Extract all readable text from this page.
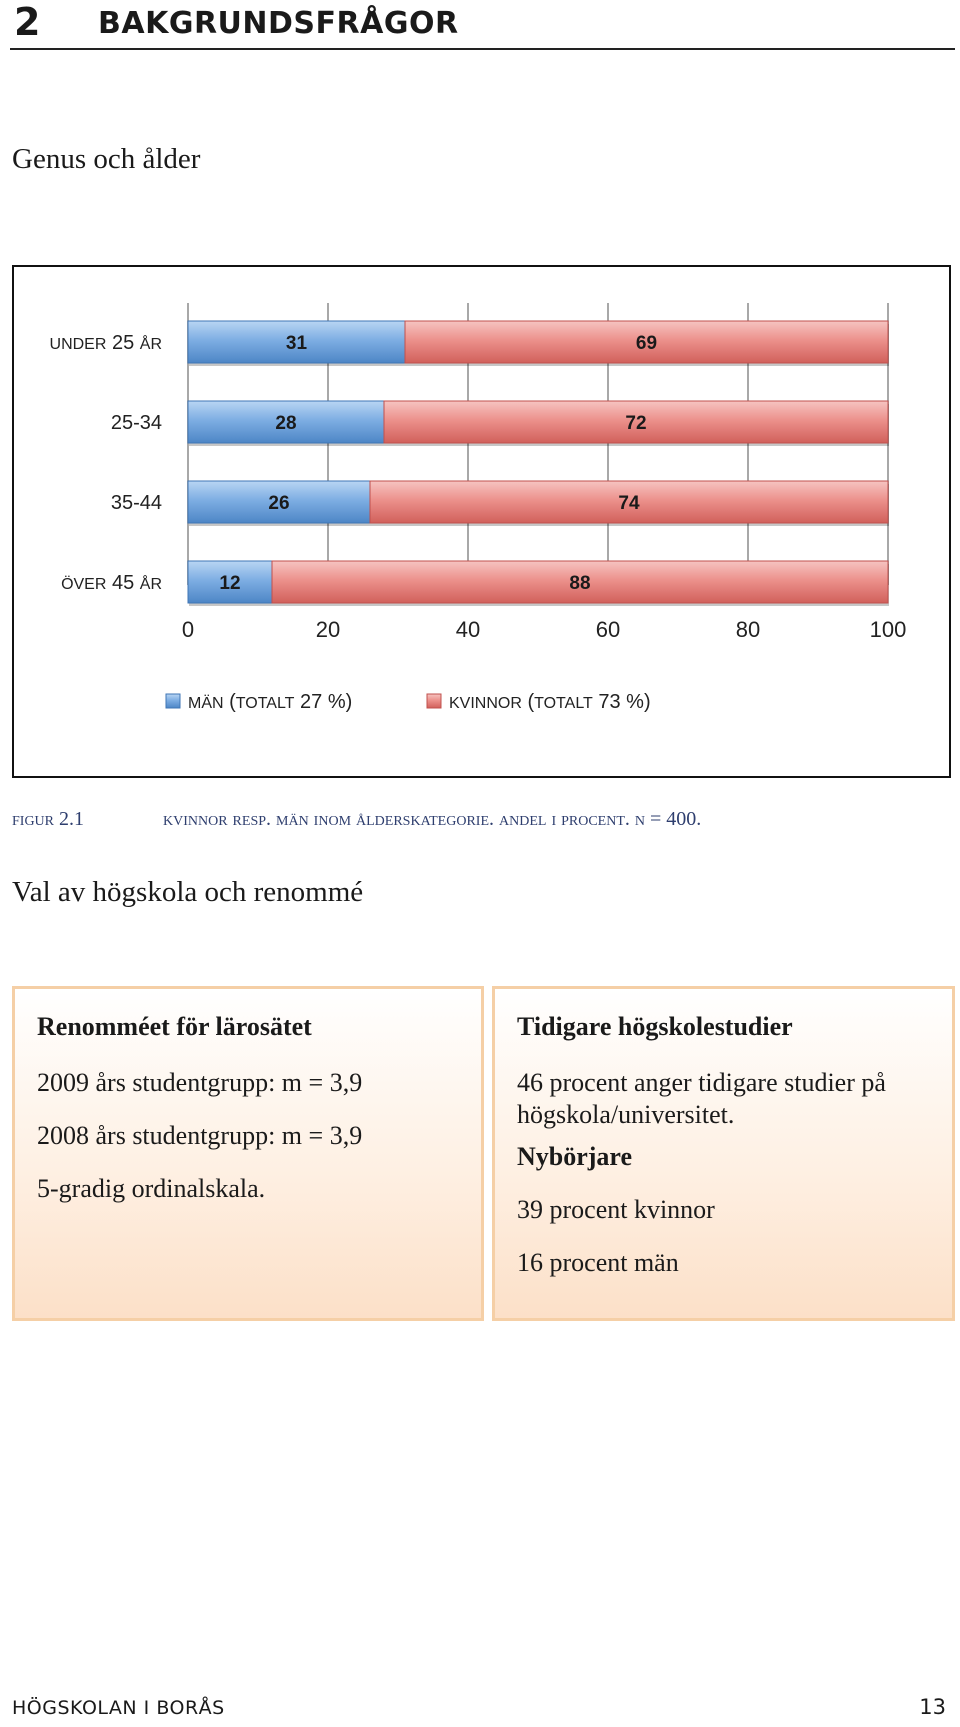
2 BAKGRUNDSFRÅGOR
Genus och ålder
0	20	40	60	80	100
UNDER 25 ÅR	31	69
25-34	28	72
35-44	26	74
ÖVER 45 ÅR	12	88
MÄN (TOTALT 27 %)	KVINNOR (TOTALT 73 %)
figur 2.1	kvinnor resp. män inom ålderskategorie. andel i procent. n = 400.
Val av högskola och renommé
Renomméet för lärosätet
2009 års studentgrupp: m = 3,9
2008 års studentgrupp: m = 3,9
5-gradig ordinalskala.
Tidigare högskolestudier
46 procent anger tidigare studier på högskola/universitet.
Nybörjare
39 procent kvinnor
16 procent män
HÖGSKOLAN I BORÅS	13
